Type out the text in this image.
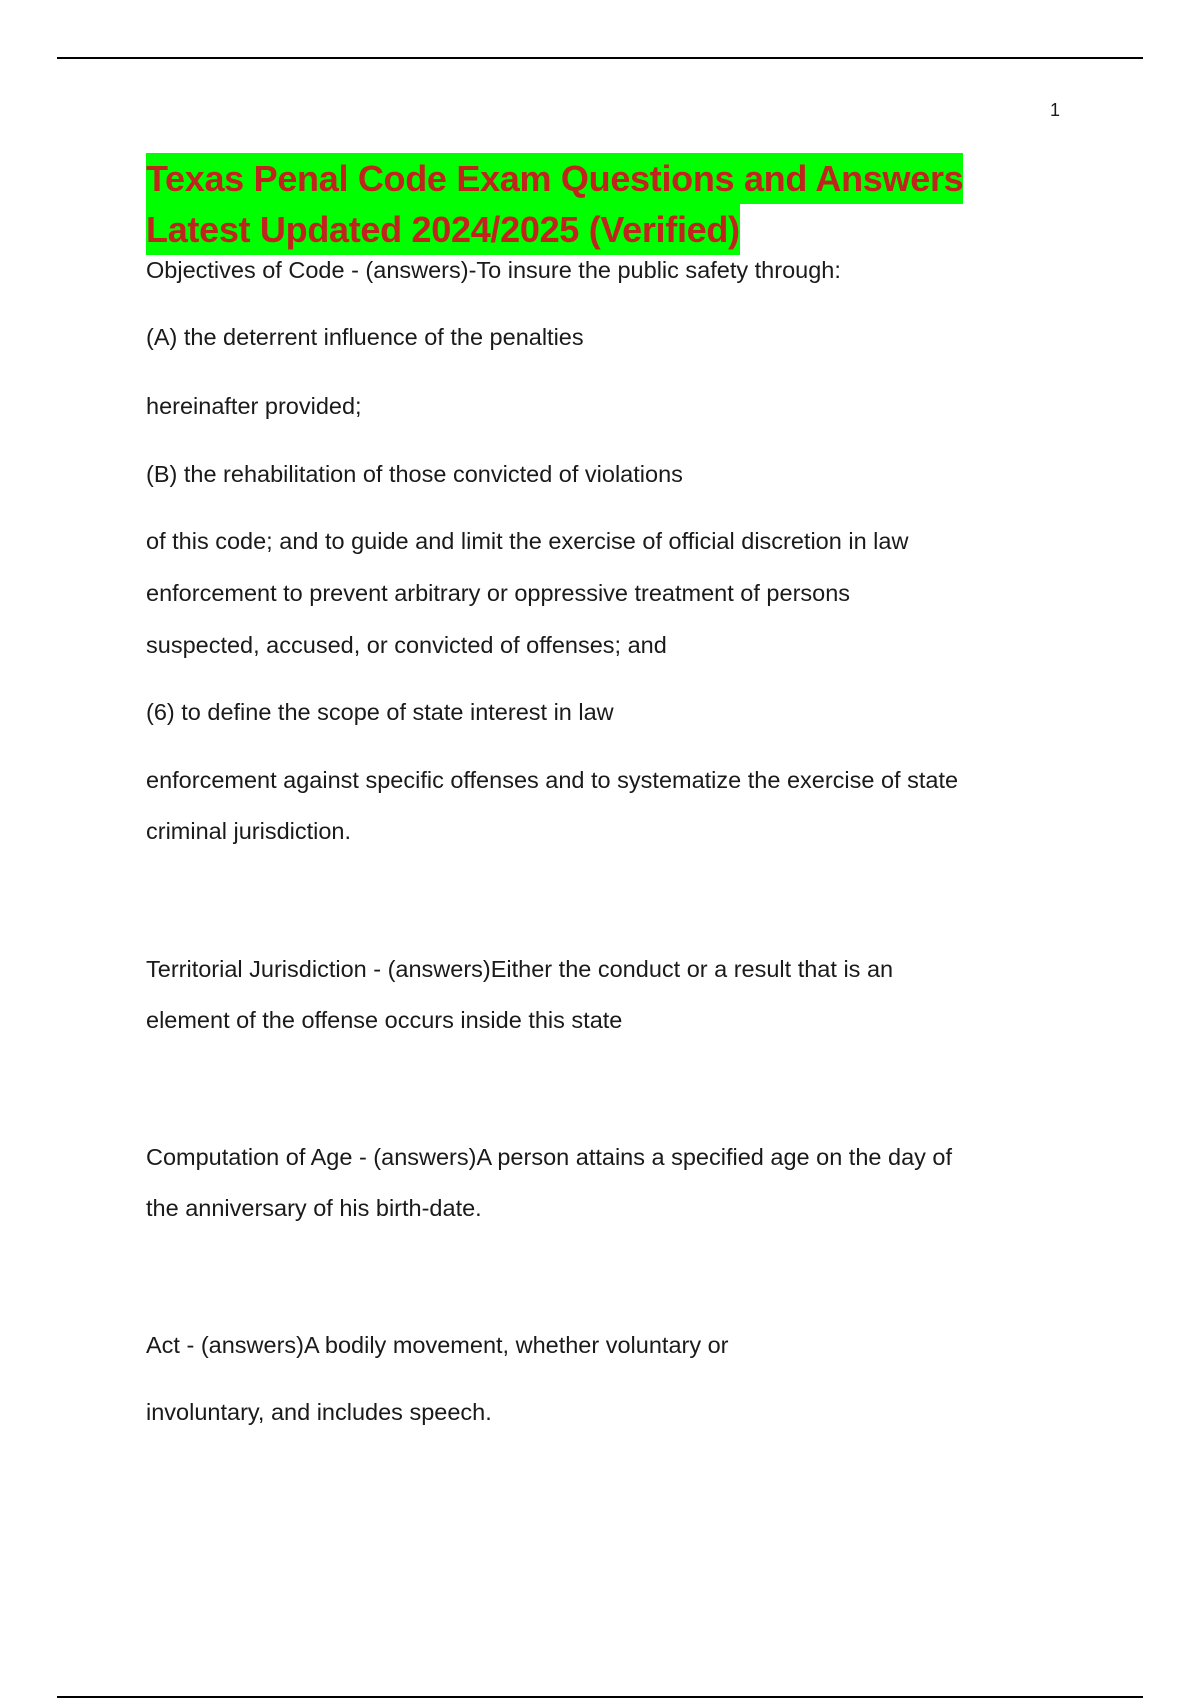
1
Texas Penal Code Exam Questions and Answers
Latest Updated 2024/2025 (Verified)

Objectives of Code - (answers)-To insure the public safety through:

(A) the deterrent influence of the penalties

hereinafter provided;

(B) the rehabilitation of those convicted of violations

of this code; and to guide and limit the exercise of official discretion in law

enforcement to prevent arbitrary or oppressive treatment of persons

suspected, accused, or convicted of offenses; and

(6) to define the scope of state interest in law

enforcement against specific offenses and to systematize the exercise of state

criminal jurisdiction.

Territorial Jurisdiction - (answers)Either the conduct or a result that is an

element of the offense occurs inside this state

Computation of Age - (answers)A person attains a specified age on the day of

the anniversary of his birth-date.

Act - (answers)A bodily movement, whether voluntary or

involuntary, and includes speech.
